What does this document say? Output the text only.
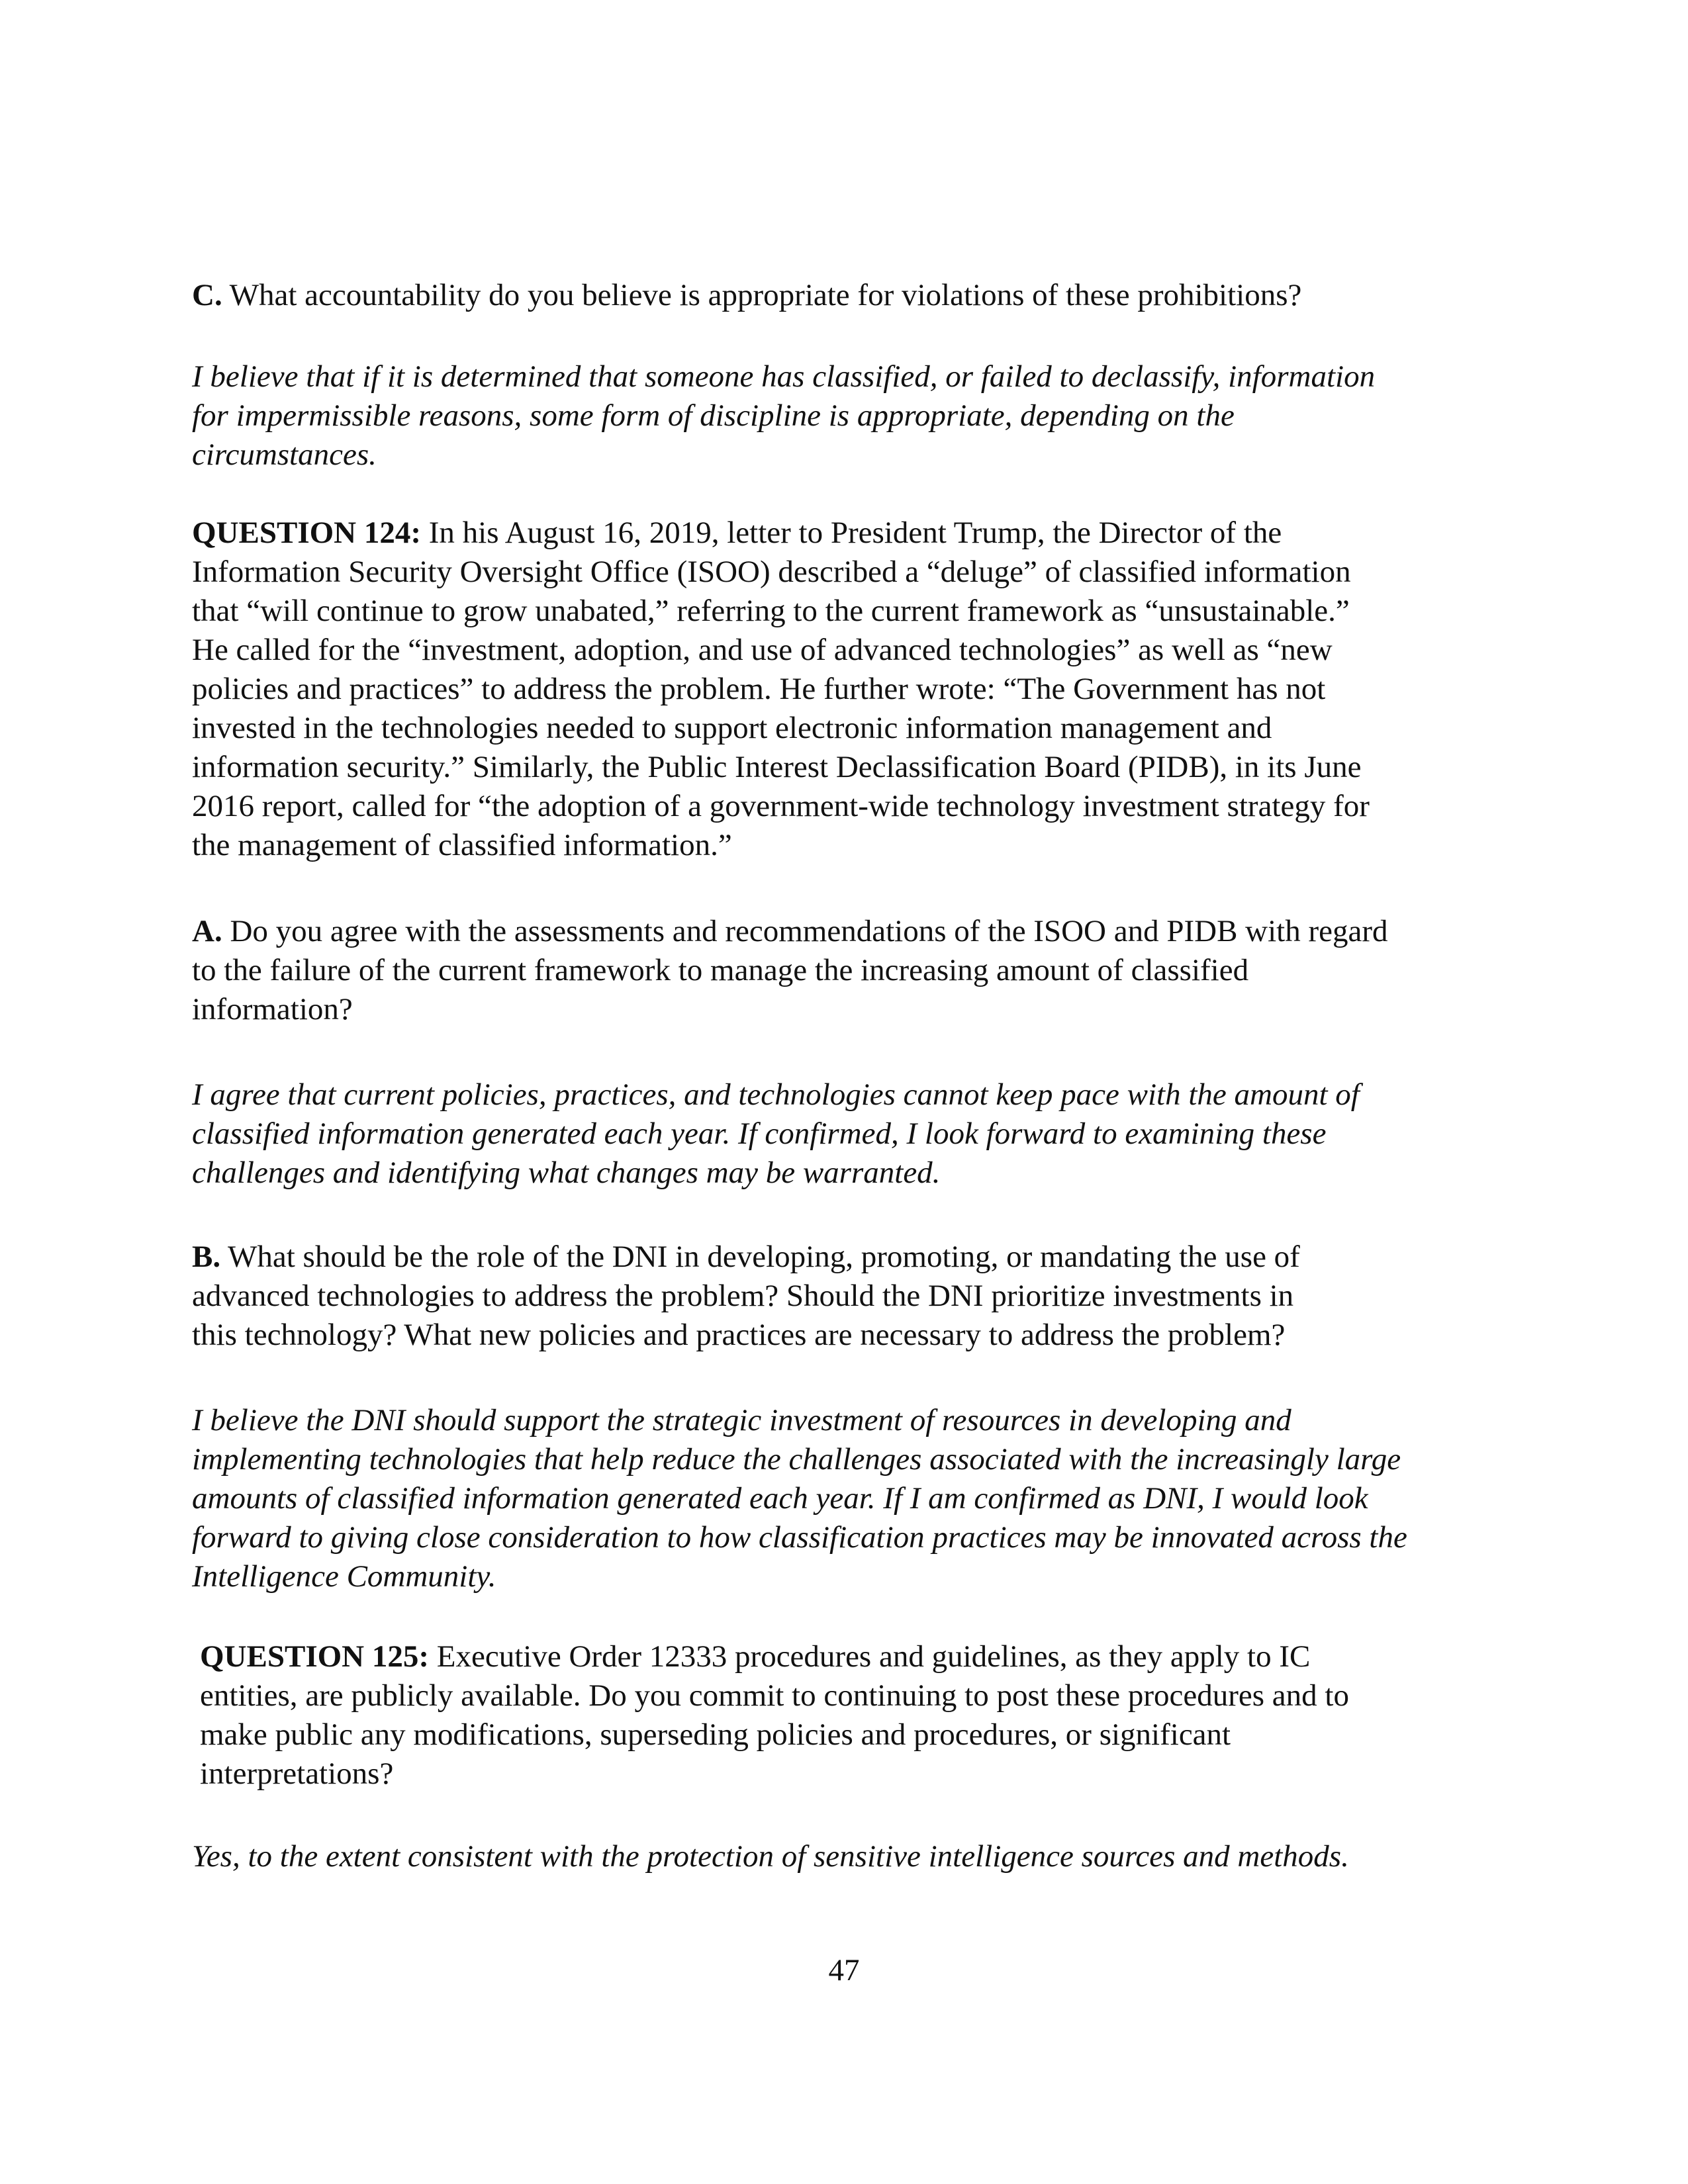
C. What accountability do you believe is appropriate for violations of these prohibitions?

I believe that if it is determined that someone has classified, or failed to declassify, information
for impermissible reasons, some form of discipline is appropriate, depending on the
circumstances.

QUESTION 124: In his August 16, 2019, letter to President Trump, the Director of the
Information Security Oversight Office (ISOO) described a “deluge” of classified information
that “will continue to grow unabated,” referring to the current framework as “unsustainable.”
He called for the “investment, adoption, and use of advanced technologies” as well as “new
policies and practices” to address the problem. He further wrote: “The Government has not
invested in the technologies needed to support electronic information management and
information security.” Similarly, the Public Interest Declassification Board (PIDB), in its June
2016 report, called for “the adoption of a government-wide technology investment strategy for
the management of classified information.”

A. Do you agree with the assessments and recommendations of the ISOO and PIDB with regard
to the failure of the current framework to manage the increasing amount of classified
information?

I agree that current policies, practices, and technologies cannot keep pace with the amount of
classified information generated each year. If confirmed, I look forward to examining these
challenges and identifying what changes may be warranted.

B. What should be the role of the DNI in developing, promoting, or mandating the use of
advanced technologies to address the problem? Should the DNI prioritize investments in
this technology? What new policies and practices are necessary to address the problem?

I believe the DNI should support the strategic investment of resources in developing and
implementing technologies that help reduce the challenges associated with the increasingly large
amounts of classified information generated each year. If I am confirmed as DNI, I would look
forward to giving close consideration to how classification practices may be innovated across the
Intelligence Community.

QUESTION 125: Executive Order 12333 procedures and guidelines, as they apply to IC
entities, are publicly available. Do you commit to continuing to post these procedures and to
make public any modifications, superseding policies and procedures, or significant
interpretations?

Yes, to the extent consistent with the protection of sensitive intelligence sources and methods.

47
